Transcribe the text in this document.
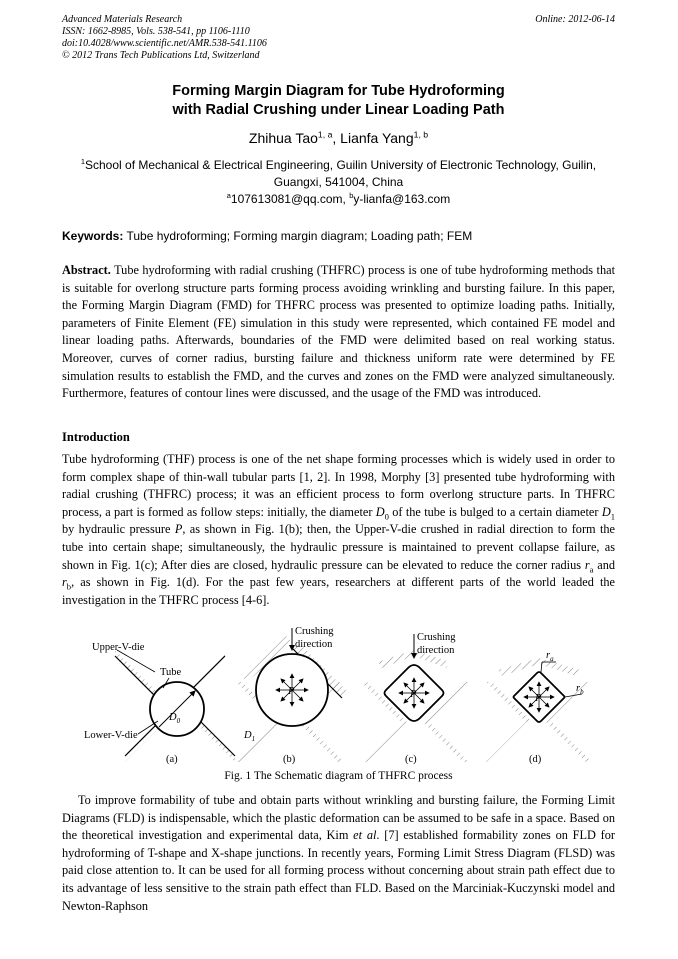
Advanced Materials Research
ISSN: 1662-8985, Vols. 538-541, pp 1106-1110
doi:10.4028/www.scientific.net/AMR.538-541.1106
© 2012 Trans Tech Publications Ltd, Switzerland
Online: 2012-06-14
Forming Margin Diagram for Tube Hydroforming
with Radial Crushing under Linear Loading Path
Zhihua Tao$^{1, a}$, Lianfa Yang$^{1, b}$
$^1$School of Mechanical & Electrical Engineering, Guilin University of Electronic Technology, Guilin,
Guangxi, 541004, China
$^a$107613081@qq.com, $^b$y-lianfa@163.com
Keywords: Tube hydroforming; Forming margin diagram; Loading path; FEM
Abstract. Tube hydroforming with radial crushing (THFRC) process is one of tube hydroforming methods that is suitable for overlong structure parts forming process avoiding wrinkling and bursting failure. In this paper, the Forming Margin Diagram (FMD) for THFRC process was presented to optimize loading paths. Initially, parameters of Finite Element (FE) simulation in this study were represented, which contained FE model and linear loading paths. Afterwards, boundaries of the FMD were delimited based on real working status. Moreover, curves of corner radius, bursting failure and thickness uniform rate were determined by FE simulation results to establish the FMD, and the curves and zones on the FMD were analyzed simultaneously. Furthermore, features of contour lines were discussed, and the usage of the FMD was introduced.
Introduction
Tube hydroforming (THF) process is one of the net shape forming processes which is widely used in order to form complex shape of thin-wall tubular parts [1, 2]. In 1998, Morphy [3] presented tube hydroforming with radial crushing (THFRC) process; it was an efficient process to form overlong structure parts. In THFRC process, a part is formed as follow steps: initially, the diameter $D_0$ of the tube is bulged to a certain diameter $D_1$ by hydraulic pressure P, as shown in Fig. 1(b); then, the Upper-V-die crushed in radial direction to form the tube into certain shape; simultaneously, the hydraulic pressure is maintained to prevent collapse failure, as shown in Fig. 1(c); After dies are closed, hydraulic pressure can be elevated to reduce the corner radius $r_a$ and $r_b$, as shown in Fig. 1(d). For the past few years, researchers at different parts of the world leaded the investigation in the THFRC process [4-6].
Upper-V-die
Lower-V-die
Tube
$D_0$
(a)
P
Crushing
direction
$D_1$
(b)
P
Crushing
direction
(c)
P
$r_a$
$r_b$
(d)
Fig. 1 The Schematic diagram of THFRC process
To improve formability of tube and obtain parts without wrinkling and bursting failure, the Forming Limit Diagrams (FLD) is indispensable, which the plastic deformation can be assumed to be safe in a space. Based on the theoretical investigation and experimental data, Kim et al. [7] established formability zones on FLD for hydroforming of T-shape and X-shape junctions. In recently years, Forming Limit Stress Diagram (FLSD) was paid close attention to. It can be used for all forming process without concerning about strain path effect due to its advantage of less sensitive to the strain path effect than FLD. Based on the Marciniak-Kuczynski model and Newton-Raphson
